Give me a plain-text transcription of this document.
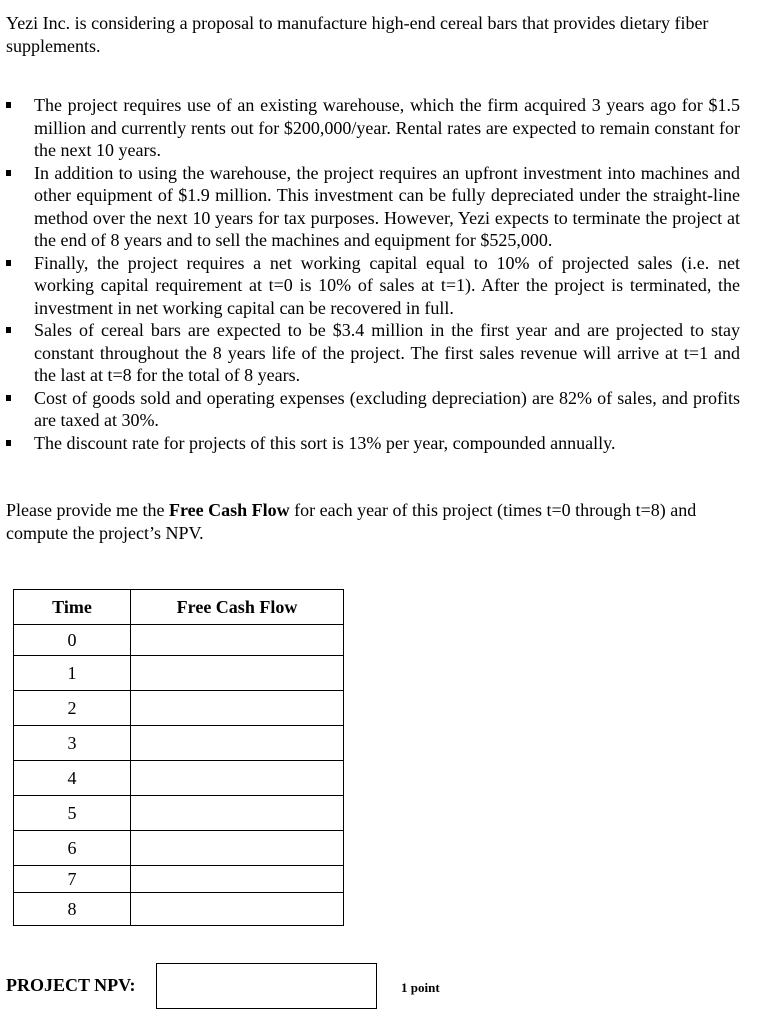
Yezi Inc. is considering a proposal to manufacture high-end cereal bars that provides dietary fiber supplements.
The project requires use of an existing warehouse, which the firm acquired 3 years ago for $1.5 million and currently rents out for $200,000/year. Rental rates are expected to remain constant for the next 10 years.
In addition to using the warehouse, the project requires an upfront investment into machines and other equipment of $1.9 million. This investment can be fully depreciated under the straight-line method over the next 10 years for tax purposes. However, Yezi expects to terminate the project at the end of 8 years and to sell the machines and equipment for $525,000.
Finally, the project requires a net working capital equal to 10% of projected sales (i.e. net working capital requirement at t=0 is 10% of sales at t=1). After the project is terminated, the investment in net working capital can be recovered in full.
Sales of cereal bars are expected to be $3.4 million in the first year and are projected to stay constant throughout the 8 years life of the project. The first sales revenue will arrive at t=1 and the last at t=8 for the total of 8 years.
Cost of goods sold and operating expenses (excluding depreciation) are 82% of sales, and profits are taxed at 30%.
The discount rate for projects of this sort is 13% per year, compounded annually.
Please provide me the Free Cash Flow for each year of this project (times t=0 through t=8) and compute the project’s NPV.
Time	Free Cash Flow
0	
1	
2	
3	
4	
5	
6	
7	
8	
PROJECT NPV:	1 point
